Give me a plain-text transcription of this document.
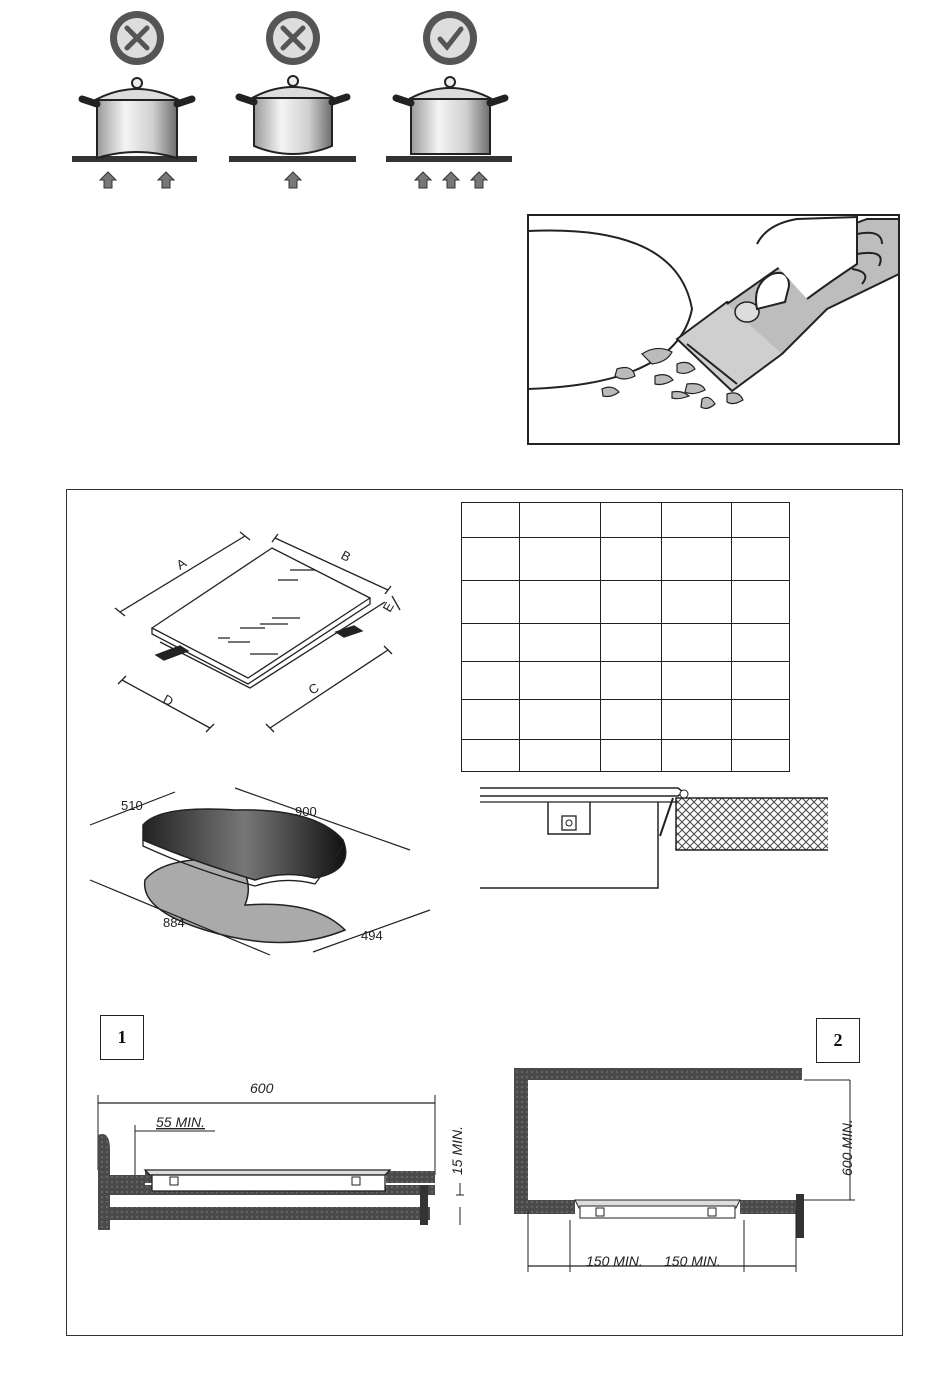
A	B
C
D
E
510	900
884
494

1
600
55 MIN.
15 MIN.
2
600 MIN.
150 MIN. 150 MIN.
